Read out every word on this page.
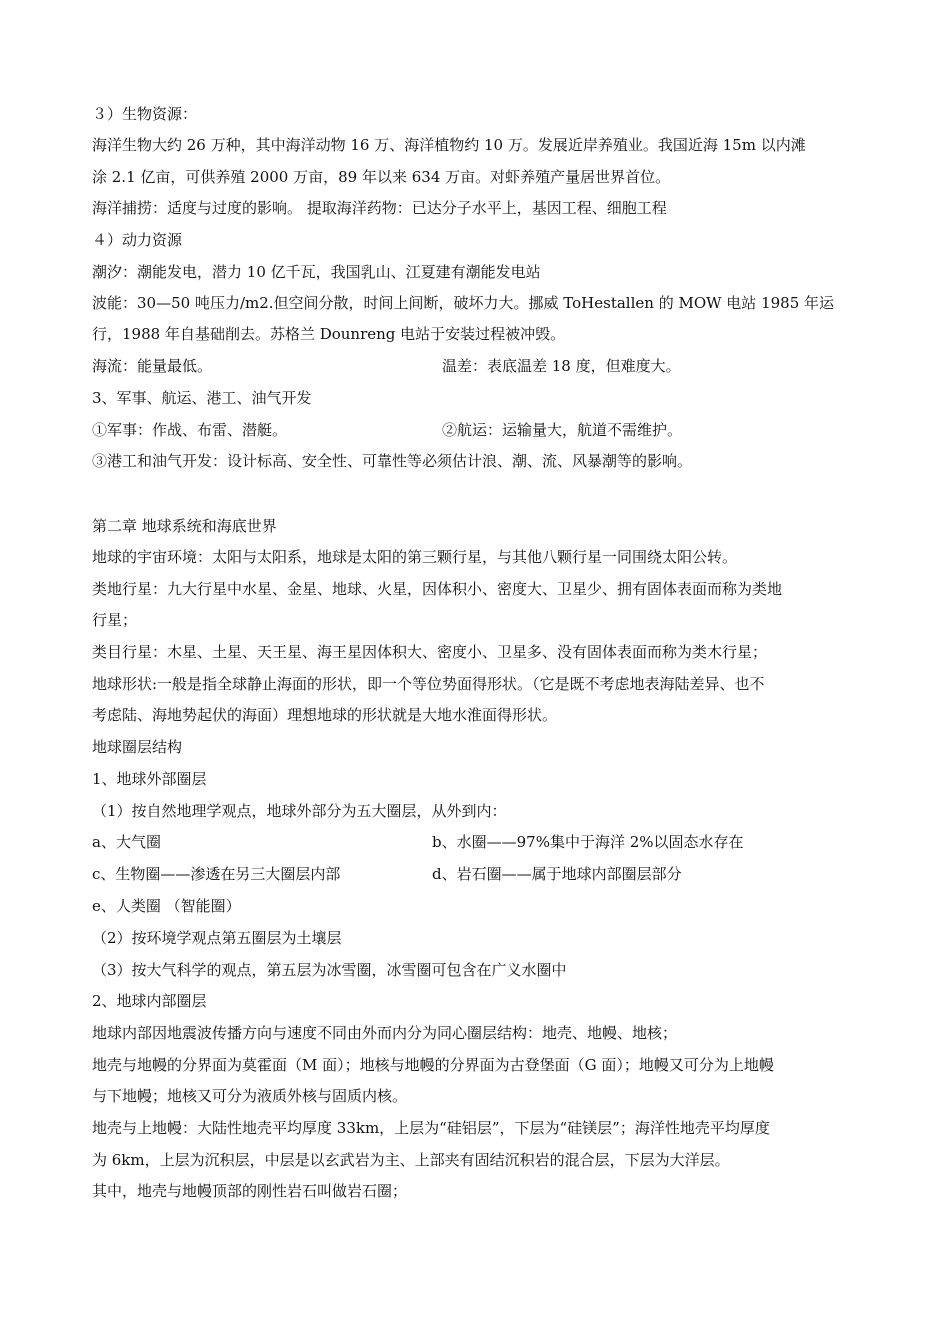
３）生物资源：
海洋生物大约 26 万种，其中海洋动物 16 万、海洋植物约 10 万。发展近岸养殖业。我国近海 15m 以内滩
涂 2.1 亿亩，可供养殖 2000 万亩，89 年以来 634 万亩。对虾养殖产量居世界首位。
海洋捕捞：适度与过度的影响。 提取海洋药物：已达分子水平上，基因工程、细胞工程
４）动力资源
潮汐：潮能发电，潜力 10 亿千瓦，我国乳山、江夏建有潮能发电站
波能：30—50 吨压力/m2.但空间分散，时间上间断，破坏力大。挪威 ToHestallen 的 MOW 电站 1985 年运
行，1988 年自基础削去。苏格兰 Dounreng 电站于安装过程被冲毁。
海流：能量最低。	温差：表底温差 18 度，但难度大。
3、军事、航运、港工、油气开发
①军事：作战、布雷、潜艇。	②航运：运输量大，航道不需维护。
③港工和油气开发：设计标高、安全性、可靠性等必须估计浪、潮、流、风暴潮等的影响。
第二章 地球系统和海底世界
地球的宇宙环境：太阳与太阳系，地球是太阳的第三颗行星，与其他八颗行星一同围绕太阳公转。
类地行星：九大行星中水星、金星、地球、火星，因体积小、密度大、卫星少、拥有固体表面而称为类地
行星；
类目行星：木星、土星、天王星、海王星因体积大、密度小、卫星多、没有固体表面而称为类木行星；
地球形状:一般是指全球静止海面的形状，即一个等位势面得形状。（它是既不考虑地表海陆差异、也不
考虑陆、海地势起伏的海面）理想地球的形状就是大地水淮面得形状。
地球圈层结构
1、地球外部圈层
（1）按自然地理学观点，地球外部分为五大圈层，从外到内：
a、大气圈	b、水圈——97%集中于海洋 2%以固态水存在
c、生物圈——渗透在另三大圈层内部	d、岩石圈——属于地球内部圈层部分
e、人类圈 （智能圈）
（2）按环境学观点第五圈层为土壤层
（3）按大气科学的观点，第五层为冰雪圈，冰雪圈可包含在广义水圈中
2、地球内部圈层
地球内部因地震波传播方向与速度不同由外而内分为同心圈层结构：地壳、地幔、地核；
地壳与地幔的分界面为莫霍面（M 面）；地核与地幔的分界面为古登堡面（G 面）；地幔又可分为上地幔
与下地幔；地核又可分为液质外核与固质内核。
地壳与上地幔：大陆性地壳平均厚度 33km，上层为“硅铝层”，下层为“硅镁层”；海洋性地壳平均厚度
为 6km，上层为沉积层，中层是以玄武岩为主、上部夹有固结沉积岩的混合层，下层为大洋层。
其中，地壳与地幔顶部的刚性岩石叫做岩石圈；
